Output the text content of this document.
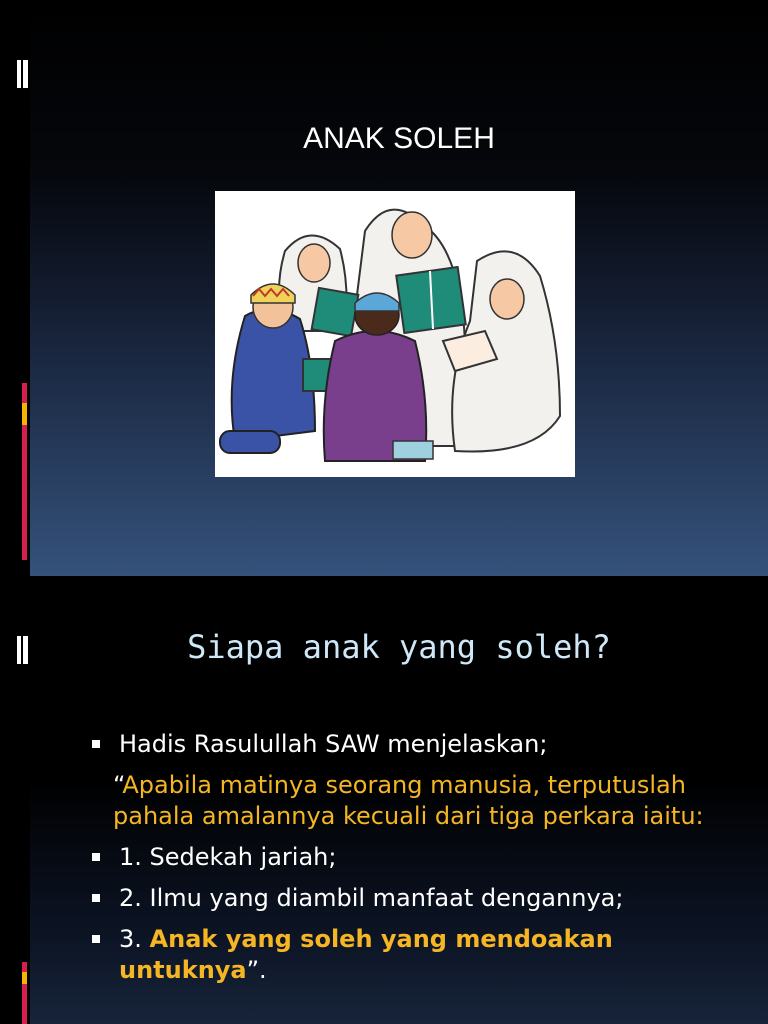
ANAK SOLEH
Siapa anak yang soleh?
Hadis Rasulullah SAW menjelaskan;
“Apabila matinya seorang manusia, terputuslah pahala amalannya kecuali dari tiga perkara iaitu:
1. Sedekah jariah;
2. Ilmu yang diambil manfaat dengannya;
3. Anak yang soleh yang mendoakan untuknya”.
